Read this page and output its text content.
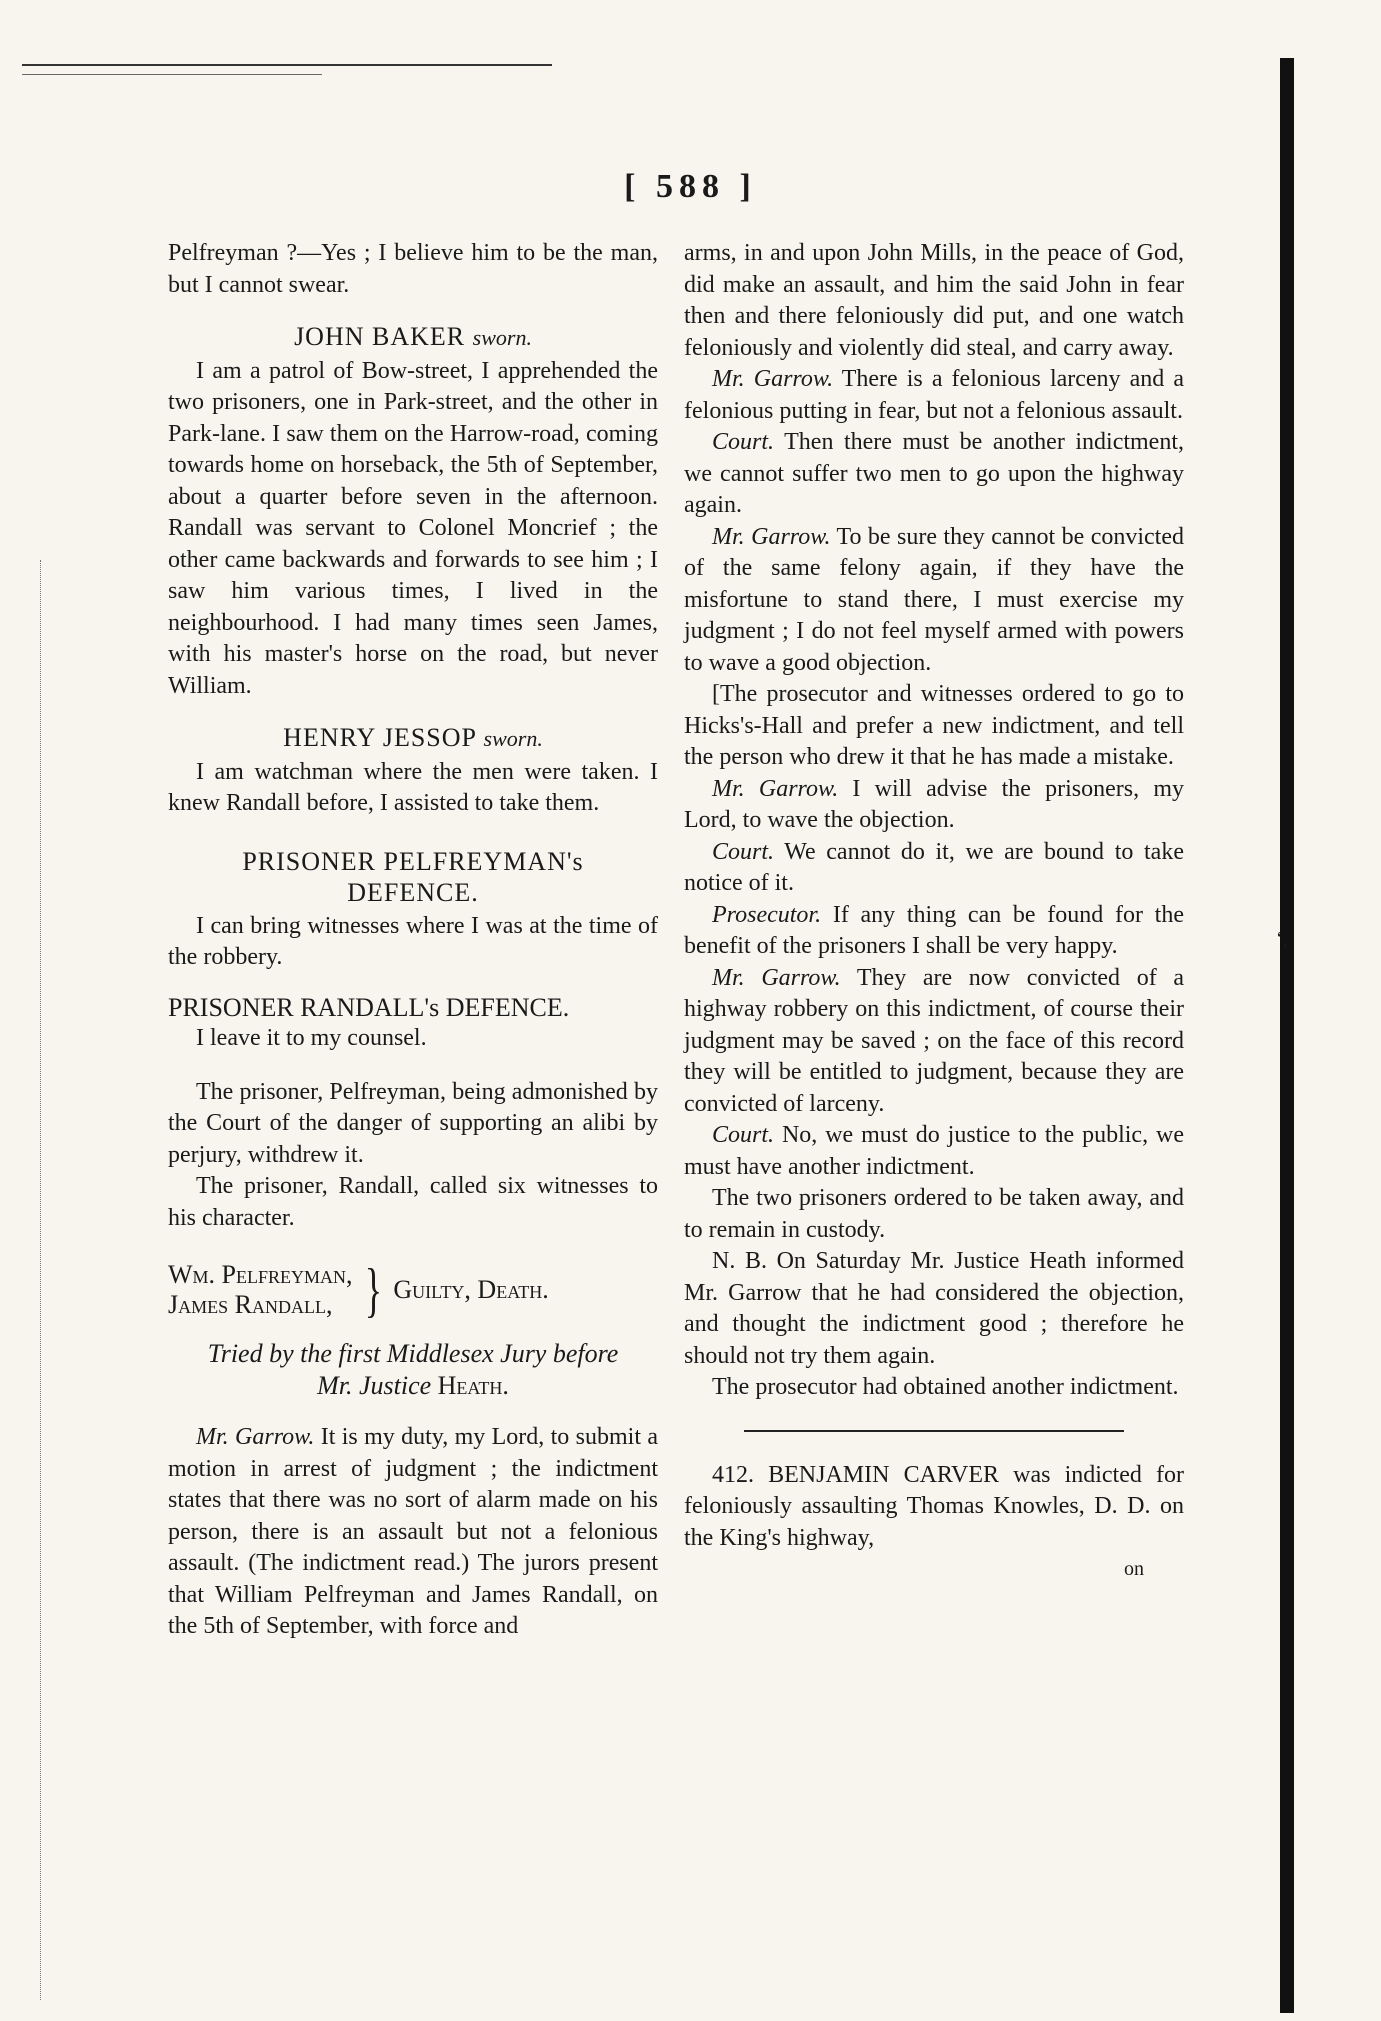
‘,
[ 588 ]

Pelfreyman ?—Yes ; I believe him to be the man, but I cannot swear.

JOHN BAKER sworn.

I am a patrol of Bow-street, I apprehended the two prisoners, one in Park-street, and the other in Park-lane. I saw them on the Harrow-road, coming towards home on horseback, the 5th of September, about a quarter before seven in the afternoon. Randall was servant to Colonel Moncrief ; the other came backwards and forwards to see him ; I saw him various times, I lived in the neighbourhood. I had many times seen James, with his master's horse on the road, but never William.

HENRY JESSOP sworn.

I am watchman where the men were taken. I knew Randall before, I assisted to take them.

PRISONER PELFREYMAN's
DEFENCE.

I can bring witnesses where I was at the time of the robbery.

PRISONER RANDALL's DEFENCE.

I leave it to my counsel.

The prisoner, Pelfreyman, being admonished by the Court of the danger of supporting an alibi by perjury, withdrew it.

The prisoner, Randall, called six witnesses to his character.

Wm. Pelfreyman,
James Randall, } Guilty, Death.
Tried by the first Middlesex Jury before
Mr. Justice Heath.

Mr. Garrow. It is my duty, my Lord, to submit a motion in arrest of judgment ; the indictment states that there was no sort of alarm made on his person, there is an assault but not a felonious assault. (The indictment read.) The jurors present that William Pelfreyman and James Randall, on the 5th of September, with force and

arms, in and upon John Mills, in the peace of God, did make an assault, and him the said John in fear then and there feloniously did put, and one watch feloniously and violently did steal, and carry away.

Mr. Garrow. There is a felonious larceny and a felonious putting in fear, but not a felonious assault.

Court. Then there must be another indictment, we cannot suffer two men to go upon the highway again.

Mr. Garrow. To be sure they cannot be convicted of the same felony again, if they have the misfortune to stand there, I must exercise my judgment ; I do not feel myself armed with powers to wave a good objection.

[The prosecutor and witnesses ordered to go to Hicks's-Hall and prefer a new indictment, and tell the person who drew it that he has made a mistake.

Mr. Garrow. I will advise the prisoners, my Lord, to wave the objection.

Court. We cannot do it, we are bound to take notice of it.

Prosecutor. If any thing can be found for the benefit of the prisoners I shall be very happy.

Mr. Garrow. They are now convicted of a highway robbery on this indictment, of course their judgment may be saved ; on the face of this record they will be entitled to judgment, because they are convicted of larceny.

Court. No, we must do justice to the public, we must have another indictment.

The two prisoners ordered to be taken away, and to remain in custody.

N. B. On Saturday Mr. Justice Heath informed Mr. Garrow that he had considered the objection, and thought the indictment good ; therefore he should not try them again.

The prosecutor had obtained another indictment.

412. BENJAMIN CARVER was indicted for feloniously assaulting Thomas Knowles, D. D. on the King's highway,

on
